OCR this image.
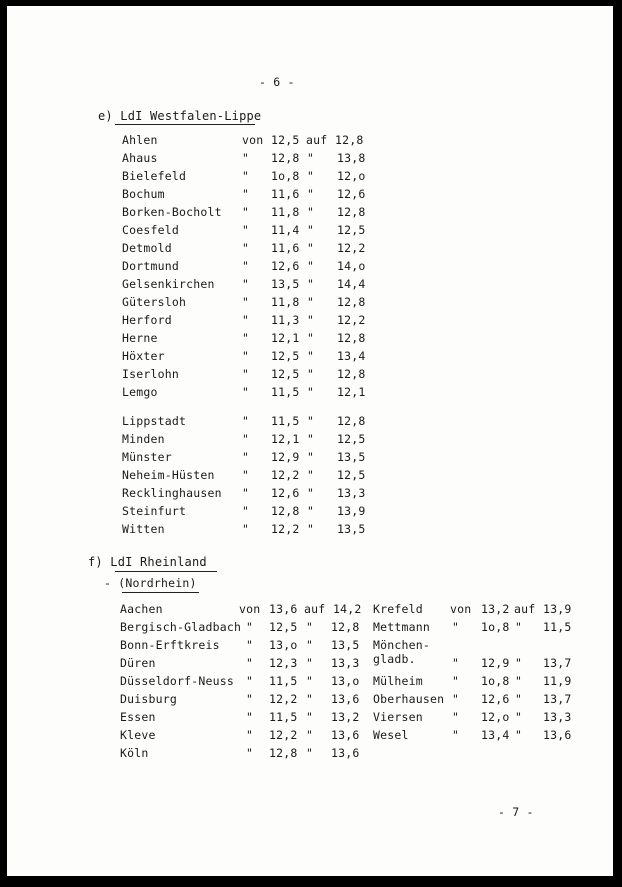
- 6 -
e) LdI Westfalen-Lippe
Ahlen	von 12,5 auf 12,8
Ahaus	" 12,8 " 13,8
Bielefeld	" 1o,8 " 12,o
Bochum	" 11,6 " 12,6
Borken-Bocholt " 11,8 " 12,8
Coesfeld	" 11,4 " 12,5
Detmold	" 11,6 " 12,2
Dortmund	" 12,6 " 14,o
Gelsenkirchen " 13,5 " 14,4
Gütersloh	" 11,8 " 12,8
Herford	" 11,3 " 12,2
Herne	" 12,1 " 12,8
Höxter	" 12,5 " 13,4
Iserlohn	" 12,5 " 12,8
Lemgo	" 11,5 " 12,1
Lippstadt	" 11,5 " 12,8
Minden	" 12,1 " 12,5
Münster	" 12,9 " 13,5
Neheim-Hüsten " 12,2 " 12,5
Recklinghausen " 12,6 " 13,3
Steinfurt	" 12,8 " 13,9
Witten	" 12,2 " 13,5
f) LdI Rheinland
- (Nordrhein)
Aachen	von 13,6 auf 14,2
Bergisch-Gladbach " 12,5 " 12,8
Bonn-Erftkreis " 13,o " 13,5
Düren	" 12,3 " 13,3
Düsseldorf-Neuss " 11,5 " 13,o
Duisburg	" 12,2 " 13,6
Essen	" 11,5 " 13,2
Kleve	" 12,2 " 13,6
Köln	" 12,8 " 13,6
Krefeld von 13,2 auf 13,9
Mettmann " 1o,8 " 11,5
Mönchen-
gladb.	" 12,9 " 13,7
Mülheim	" 1o,8 " 11,9
Oberhausen " 12,6 " 13,7
Viersen	" 12,o " 13,3
Wesel	" 13,4 " 13,6
- 7 -
